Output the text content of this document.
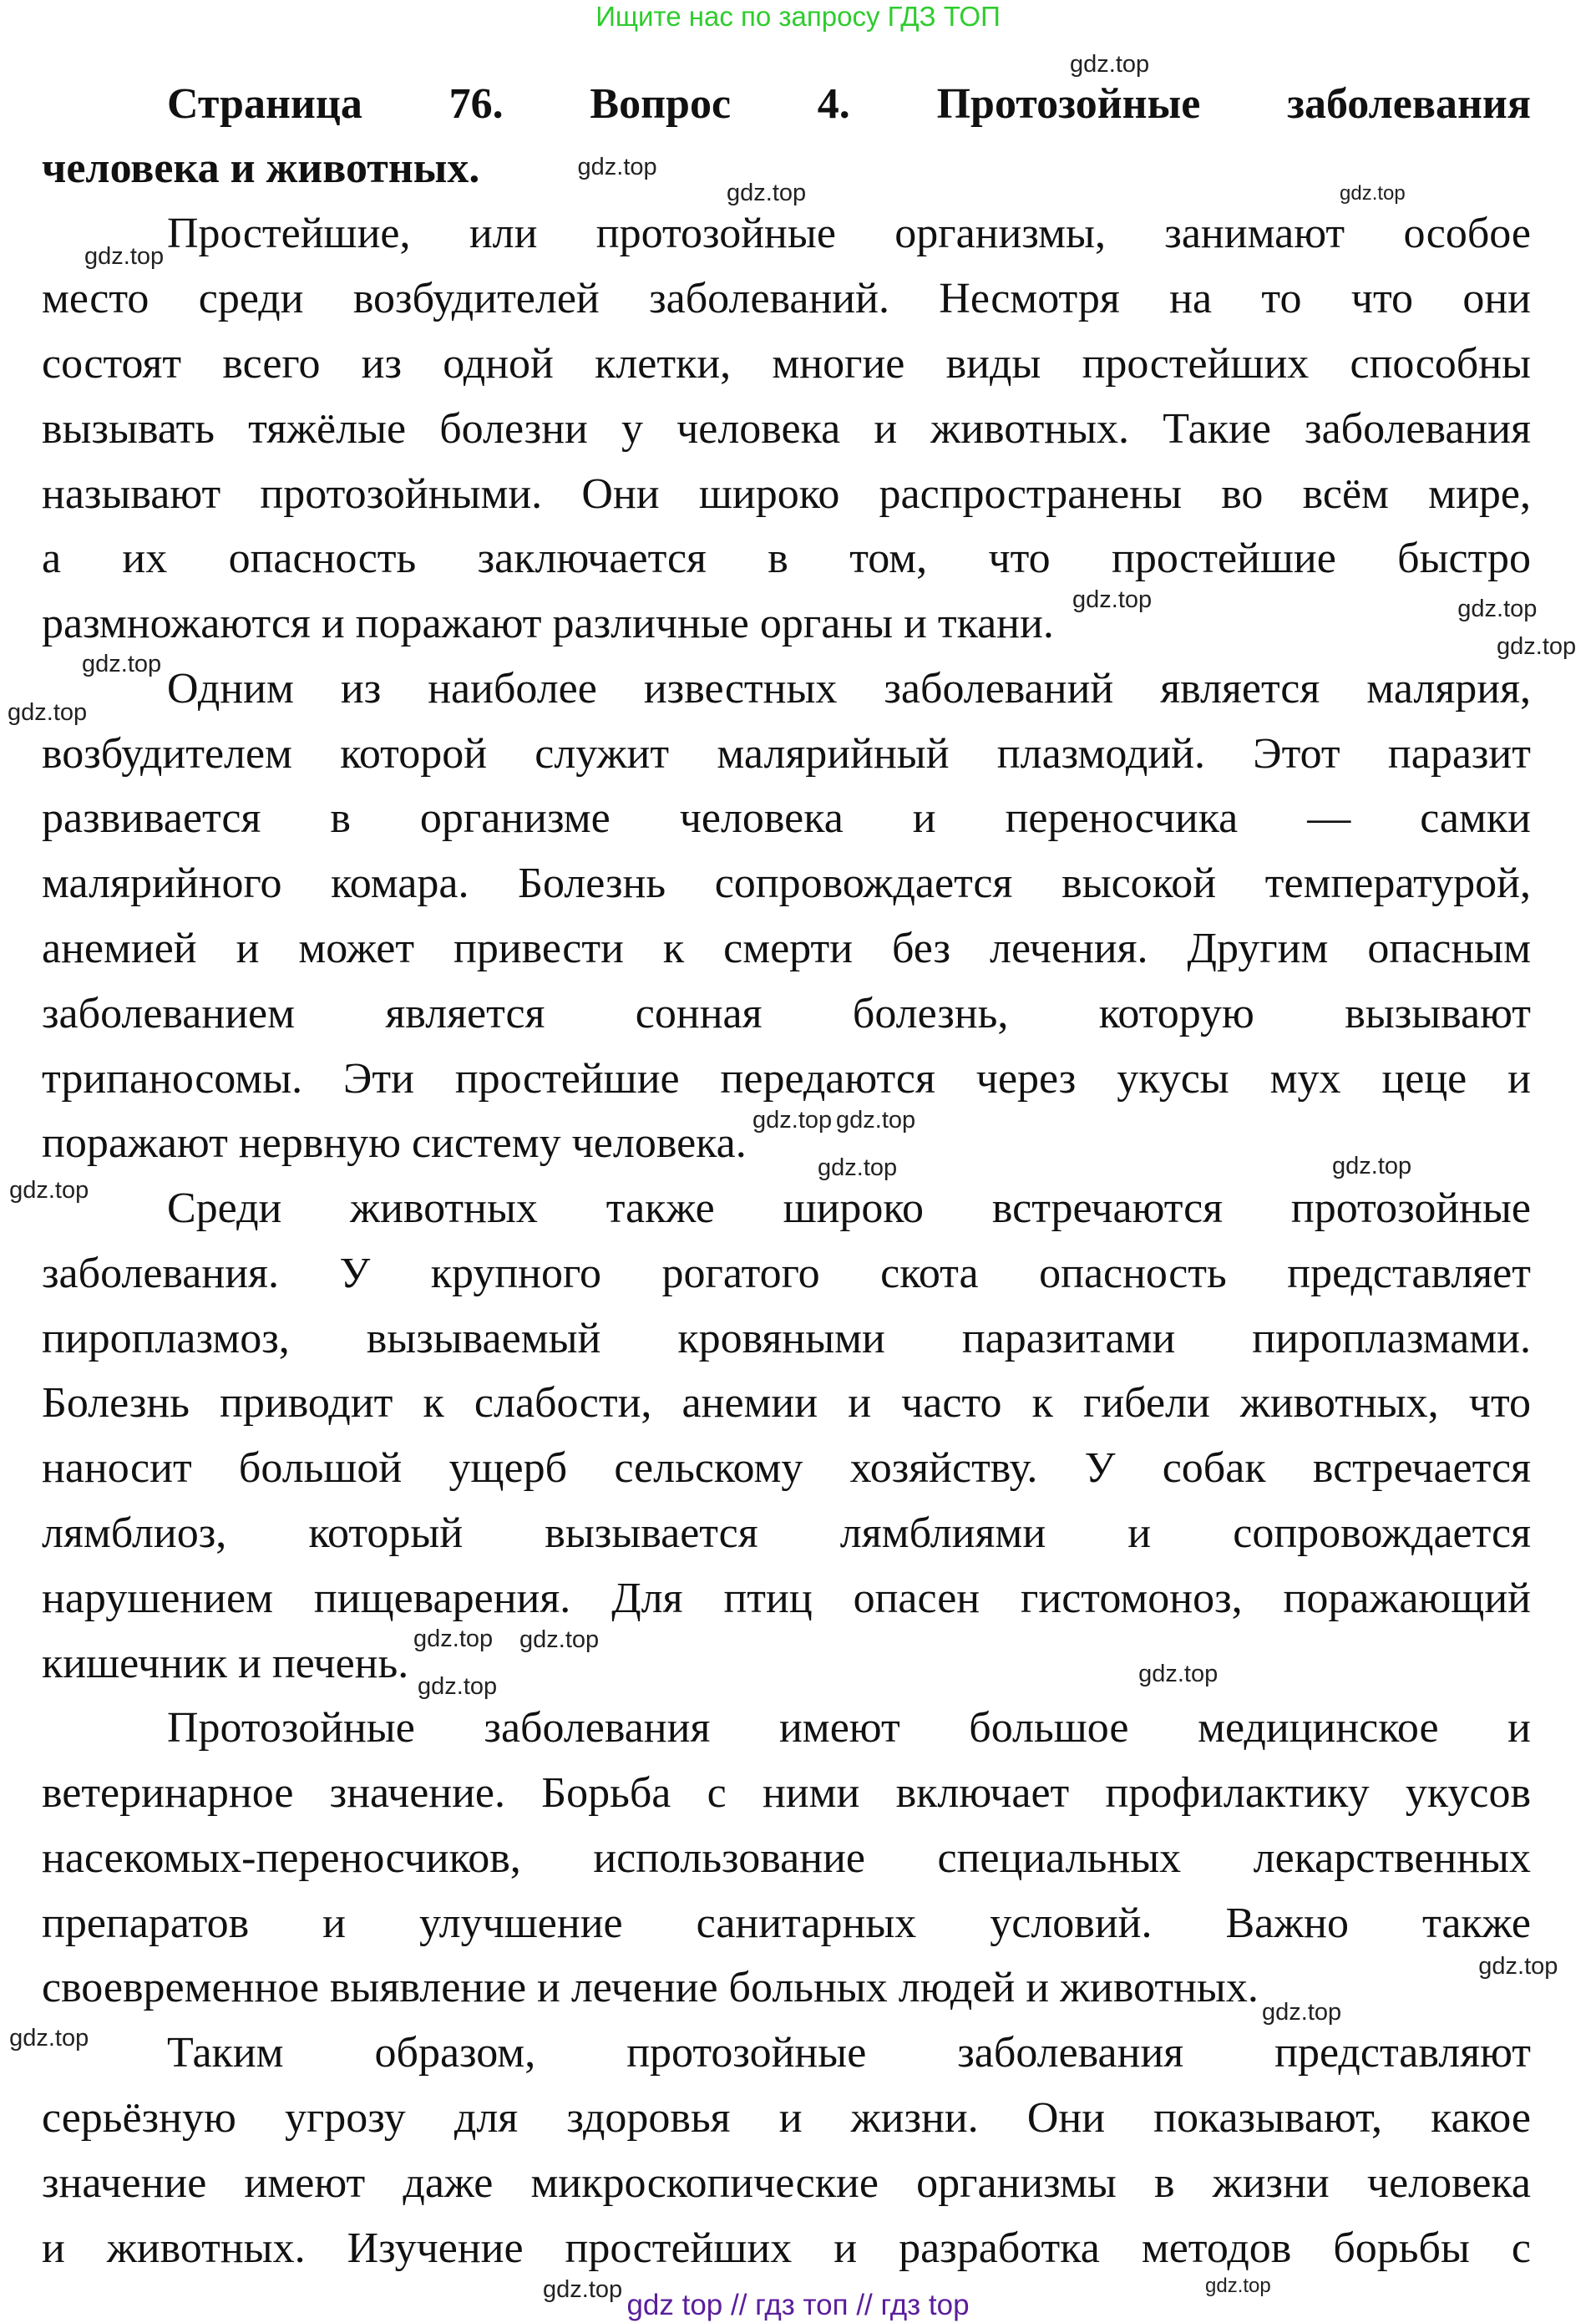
Ищите нас по запросу ГДЗ ТОП
Страница 76. Вопрос 4. Протозойные заболевания
человека и животных.
Простейшие, или протозойные организмы, занимают особое
место среди возбудителей заболеваний. Несмотря на то что они
состоят всего из одной клетки, многие виды простейших способны
вызывать тяжёлые болезни у человека и животных. Такие заболевания
называют протозойными. Они широко распространены во всём мире,
а их опасность заключается в том, что простейшие быстро
размножаются и поражают различные органы и ткани.
Одним из наиболее известных заболеваний является малярия,
возбудителем которой служит малярийный плазмодий. Этот паразит
развивается в организме человека и переносчика — самки
малярийного комара. Болезнь сопровождается высокой температурой,
анемией и может привести к смерти без лечения. Другим опасным
заболеванием является сонная болезнь, которую вызывают
трипаносомы. Эти простейшие передаются через укусы мух цеце и
поражают нервную систему человека.
Среди животных также широко встречаются протозойные
заболевания. У крупного рогатого скота опасность представляет
пироплазмоз, вызываемый кровяными паразитами пироплазмами.
Болезнь приводит к слабости, анемии и часто к гибели животных, что
наносит большой ущерб сельскому хозяйству. У собак встречается
лямблиоз, который вызывается лямблиями и сопровождается
нарушением пищеварения. Для птиц опасен гистомоноз, поражающий
кишечник и печень.
Протозойные заболевания имеют большое медицинское и
ветеринарное значение. Борьба с ними включает профилактику укусов
насекомых-переносчиков, использование специальных лекарственных
препаратов и улучшение санитарных условий. Важно также
своевременное выявление и лечение больных людей и животных.
Таким образом, протозойные заболевания представляют
серьёзную угрозу для здоровья и жизни. Они показывают, какое
значение имеют даже микроскопические организмы в жизни человека
и животных. Изучение простейших и разработка методов борьбы с
gdz.top
gdz.top
gdz.top
gdz.top
gdz.top
gdz.top	gdz.top
gdz.top
gdz.top
gdz.top
gdz.top
gdz.top
gdz.top
gdz.top	gdz.top
gdz.top
gdz.top
gdz.top
gdz.top
gdz.top
gdz.top
gdz.top
gdz.top	gdz.top
gdz top // гдз топ // гдз top
